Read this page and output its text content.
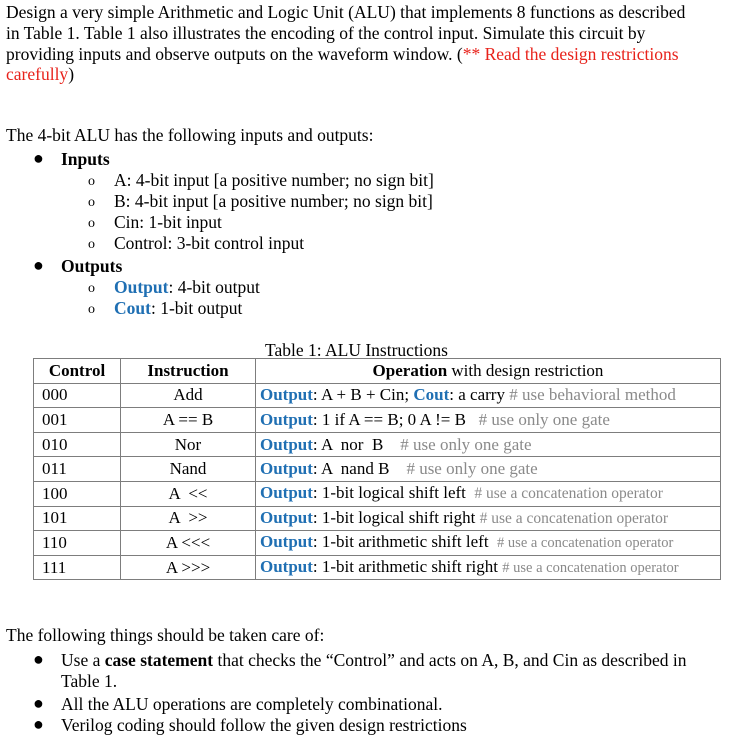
Design a very simple Arithmetic and Logic Unit (ALU) that implements 8 functions as described
in Table 1. Table 1 also illustrates the encoding of the control input. Simulate this circuit by
providing inputs and observe outputs on the waveform window. (** Read the design restrictions
carefully)
The 4-bit ALU has the following inputs and outputs:
● Inputs
o A: 4-bit input [a positive number; no sign bit]
o B: 4-bit input [a positive number; no sign bit]
o Cin: 1-bit input
o Control: 3-bit control input
● Outputs
o Output: 4-bit output
o Cout: 1-bit output
Table 1: ALU Instructions
Control	Instruction	Operation with design restriction
000	Add	Output: A + B + Cin; Cout: a carry # use behavioral method
001	A == B	Output: 1 if A == B; 0 A != B   # use only one gate
010	Nor	Output: A  nor  B    # use only one gate
011	Nand	Output: A  nand B    # use only one gate
100	A  <<	Output: 1-bit logical shift left  # use a concatenation operator
101	A  >>	Output: 1-bit logical shift right # use a concatenation operator
110	A <<<	Output: 1-bit arithmetic shift left  # use a concatenation operator
111	A >>>	Output: 1-bit arithmetic shift right # use a concatenation operator
The following things should be taken care of:
● Use a case statement that checks the “Control” and acts on A, B, and Cin as described in
Table 1.
● All the ALU operations are completely combinational.
● Verilog coding should follow the given design restrictions
